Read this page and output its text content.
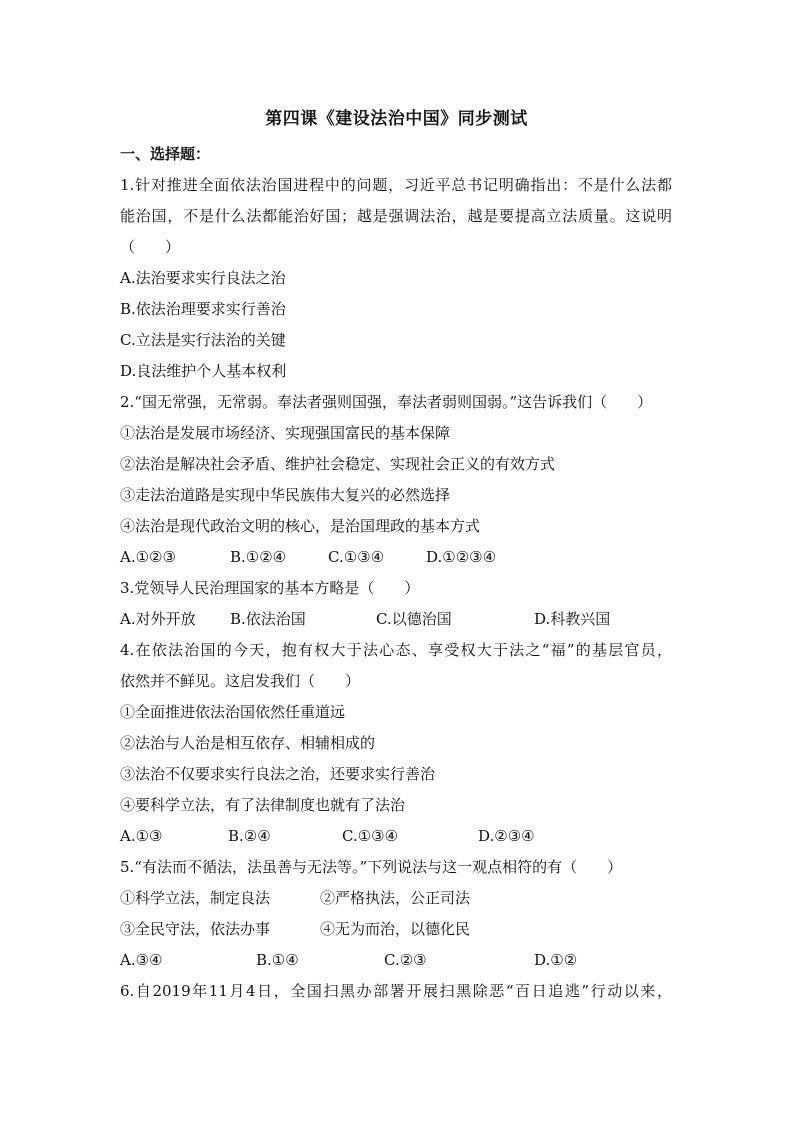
第四课《建设法治中国》同步测试
一、选择题：
1.针对推进全面依法治国进程中的问题，习近平总书记明确指出：不是什么法都
能治国，不是什么法都能治好国；越是强调法治，越是要提高立法质量。这说明
（　　）
A.法治要求实行良法之治
B.依法治理要求实行善治
C.立法是实行法治的关键
D.良法维护个人基本权利
2.“国无常强，无常弱。奉法者强则国强，奉法者弱则国弱。”这告诉我们（　　）
①法治是发展市场经济、实现强国富民的基本保障
②法治是解决社会矛盾、维护社会稳定、实现社会正义的有效方式
③走法治道路是实现中华民族伟大复兴的必然选择
④法治是现代政治文明的核心，是治国理政的基本方式
A.①②③	B.①②④	C.①③④	D.①②③④
3.党领导人民治理国家的基本方略是（　　）
A.对外开放 B.依法治国	C.以德治国	D.科教兴国
4.在依法治国的今天，抱有权大于法心态、享受权大于法之“福”的基层官员，
依然并不鲜见。这启发我们（　　）
①全面推进依法治国依然任重道远
②法治与人治是相互依存、相辅相成的
③法治不仅要求实行良法之治，还要求实行善治
④要科学立法，有了法律制度也就有了法治
A.①③	B.②④	C.①③④	D.②③④
5.“有法而不循法，法虽善与无法等。”下列说法与这一观点相符的有（　　）
①科学立法，制定良法	②严格执法，公正司法
③全民守法，依法办事	④无为而治，以德化民
A.③④	B.①④	C.②③	D.①②
6.自2019年11月4日，全国扫黑办部署开展扫黑除恶“百日追逃”行动以来，
